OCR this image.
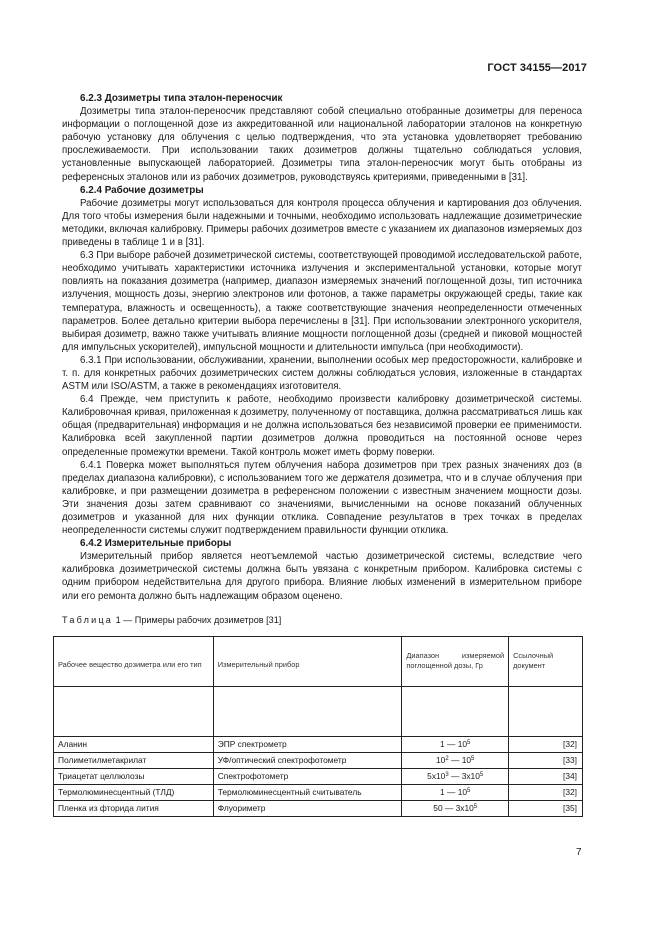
ГОСТ 34155—2017
6.2.3 Дозиметры типа эталон-переносчик

Дозиметры типа эталон-переносчик представляют собой специально отобранные дозиметры для переноса информации о поглощенной дозе из аккредитованной или национальной лаборатории эталонов на конкретную рабочую установку для облучения с целью подтверждения, что эта установка удовлетворяет требованию прослеживаемости. При использовании таких дозиметров должны тщательно соблюдаться условия, установленные выпускающей лабораторией. Дозиметры типа эталон-переносчик могут быть отобраны из референсных эталонов или из рабочих дозиметров, руководствуясь критериями, приведенными в [31].

6.2.4 Рабочие дозиметры

Рабочие дозиметры могут использоваться для контроля процесса облучения и картирования доз облучения. Для того чтобы измерения были надежными и точными, необходимо использовать надлежащие дозиметрические методики, включая калибровку. Примеры рабочих дозиметров вместе с указанием их диапазонов измеряемых доз приведены в таблице 1 и в [31].

6.3 При выборе рабочей дозиметрической системы, соответствующей проводимой исследовательской работе, необходимо учитывать характеристики источника излучения и экспериментальной установки, которые могут повлиять на показания дозиметра (например, диапазон измеряемых значений поглощенной дозы, тип источника излучения, мощность дозы, энергию электронов или фотонов, а также параметры окружающей среды, такие как температура, влажность и освещенность), а также соответствующие значения неопределенности отмеченных параметров. Более детально критерии выбора перечислены в [31]. При использовании электронного ускорителя, выбирая дозиметр, важно также учитывать влияние мощности поглощенной дозы (средней и пиковой мощностей для импульсных ускорителей), импульсной мощности и длительности импульса (при необходимости).

6.3.1 При использовании, обслуживании, хранении, выполнении особых мер предосторожности, калибровке и т. п. для конкретных рабочих дозиметрических систем должны соблюдаться условия, изложенные в стандартах ASTM или ISO/ASTM, а также в рекомендациях изготовителя.

6.4 Прежде, чем приступить к работе, необходимо произвести калибровку дозиметрической системы. Калибровочная кривая, приложенная к дозиметру, полученному от поставщика, должна рассматриваться лишь как общая (предварительная) информация и не должна использоваться без независимой проверки ее применимости. Калибровка всей закупленной партии дозиметров должна проводиться на постоянной основе через определенные промежутки времени. Такой контроль может иметь форму поверки.

6.4.1 Поверка может выполняться путем облучения набора дозиметров при трех разных значениях доз (в пределах диапазона калибровки), с использованием того же держателя дозиметра, что и в случае облучения при калибровке, и при размещении дозиметра в референсном положении с известным значением мощности дозы. Эти значения дозы затем сравнивают со значениями, вычисленными на основе показаний облученных дозиметров и указанной для них функции отклика. Совпадение результатов в трех точках в пределах неопределенности системы служит подтверждением правильности функции отклика.

6.4.2 Измерительные приборы

Измерительный прибор является неотъемлемой частью дозиметрической системы, вследствие чего калибровка дозиметрической системы должна быть увязана с конкретным прибором. Калибровка системы с одним прибором недействительна для другого прибора. Влияние любых изменений в измерительном приборе или его ремонта должно быть надлежащим образом оценено.

Таблица 1 — Примеры рабочих дозиметров [31]
Рабочее вещество дозиметра или его тип	Измерительный прибор	Диапазон измеряемой поглощенной дозы, Гр	Ссылочный документ

Аланин	ЭПР спектрометр	1 — $10^5$	[32]
Полиметилметакрилат	УФ/оптический спектрофотометр	$10^2$ — $10^5$	[33]
Триацетат целлюлозы	Спектрофотометр	$5x10^3$ — $3x10^5$	[34]
Термолюминесцентный (ТЛД)	Термолюминесцентный считыватель	1 — $10^5$	[32]
Пленка из фторида лития	Флуориметр	50 — $3x10^5$	[35]
7
